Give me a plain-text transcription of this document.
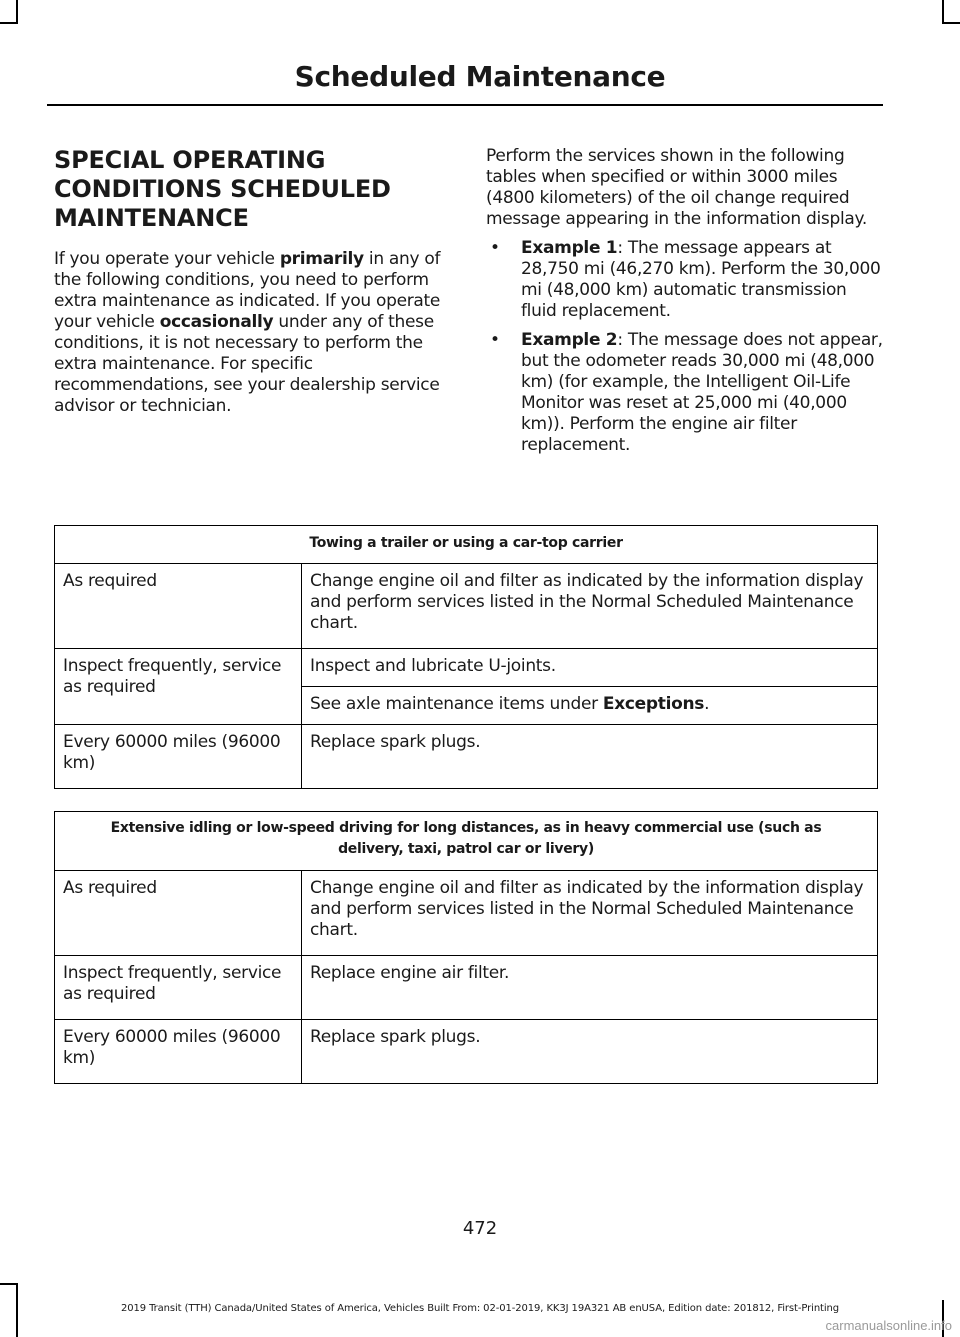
Scheduled Maintenance
SPECIAL OPERATING
CONDITIONS SCHEDULED
MAINTENANCE

If you operate your vehicle primarily in any of the following conditions, you need to perform extra maintenance as indicated. If you operate your vehicle occasionally under any of these conditions, it is not necessary to perform the extra maintenance. For specific recommendations, see your dealership service advisor or technician.

Perform the services shown in the following tables when specified or within 3000 miles (4800 kilometers) of the oil change required message appearing in the information display.

• Example 1: The message appears at 28,750 mi (46,270 km). Perform the 30,000 mi (48,000 km) automatic transmission fluid replacement.
• Example 2: The message does not appear, but the odometer reads 30,000 mi (48,000 km) (for example, the Intelligent Oil-Life Monitor was reset at 25,000 mi (40,000 km)). Perform the engine air filter replacement.
Towing a trailer or using a car-top carrier	
As required	Change engine oil and filter as indicated by the information display and perform services listed in the Normal Scheduled Maintenance chart.
Inspect frequently, service as required	Inspect and lubricate U-joints.
	See axle maintenance items under Exceptions.
Every 60000 miles (96000 km)	Replace spark plugs.
Extensive idling or low-speed driving for long distances, as in heavy commercial use (such as delivery, taxi, patrol car or livery)	
As required	Change engine oil and filter as indicated by the information display and perform services listed in the Normal Scheduled Maintenance chart.
Inspect frequently, service as required	Replace engine air filter.
Every 60000 miles (96000 km)	Replace spark plugs.
472
2019 Transit (TTH) Canada/United States of America, Vehicles Built From: 02-01-2019, KK3J 19A321 AB enUSA, Edition date: 201812, First-Printing
carmanualsonline.info
